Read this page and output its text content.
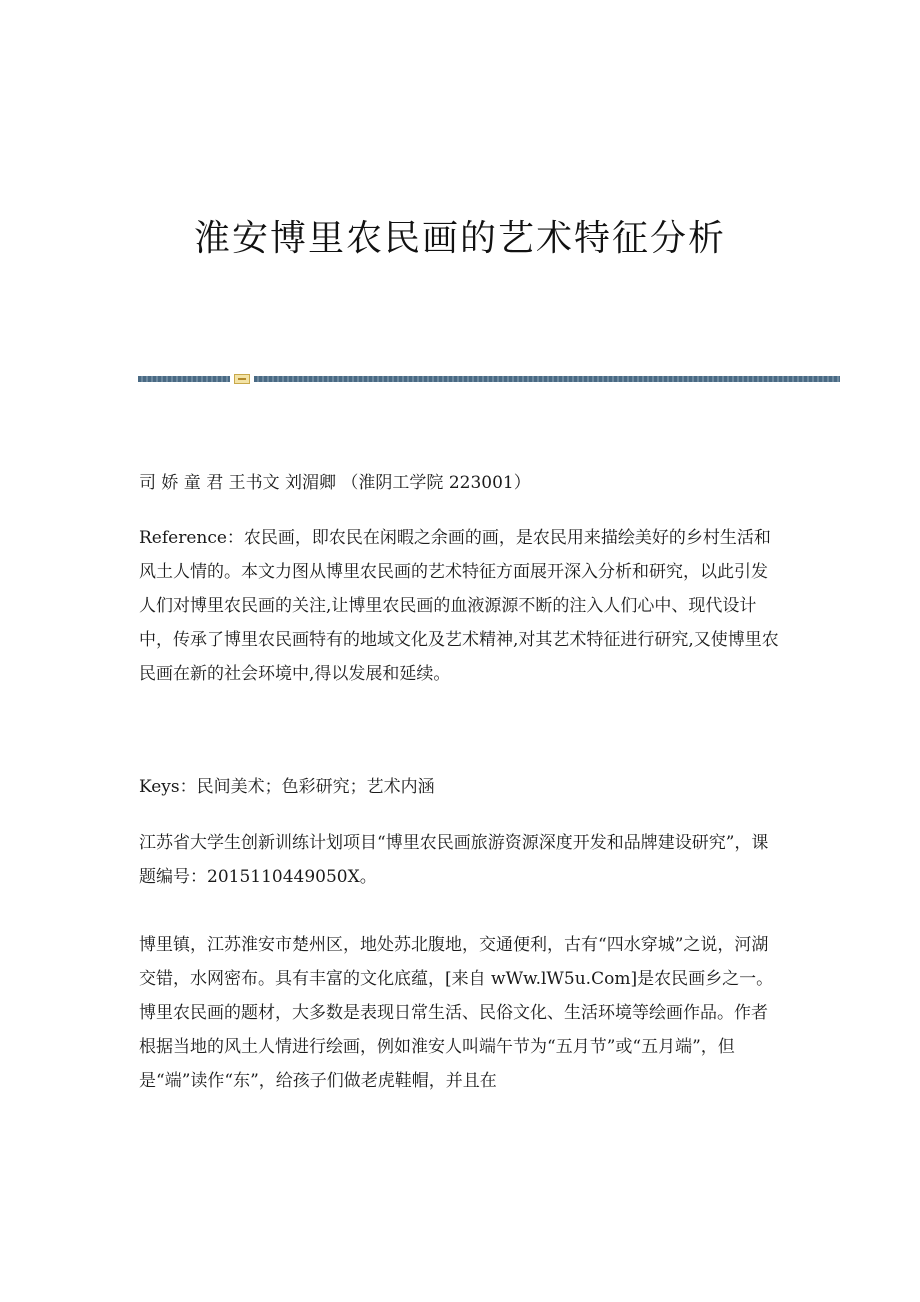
淮安博里农民画的艺术特征分析

司 娇 童 君 王书文 刘湄卿 （淮阴工学院 223001）

Reference：农民画，即农民在闲暇之余画的画，是农民用来描绘美好的乡村生活和风土人情的。本文力图从博里农民画的艺术特征方面展开深入分析和研究，以此引发人们对博里农民画的关注,让博里农民画的血液源源不断的注入人们心中、现代设计中，传承了博里农民画特有的地域文化及艺术精神,对其艺术特征进行研究,又使博里农民画在新的社会环境中,得以发展和延续。

Keys：民间美术；色彩研究；艺术内涵

江苏省大学生创新训练计划项目“博里农民画旅游资源深度开发和品牌建设研究”，课题编号：2015110449050X。

博里镇，江苏淮安市楚州区，地处苏北腹地，交通便利，古有“四水穿城”之说，河湖交错，水网密布。具有丰富的文化底蕴，[来自 wWw.lW5u.Com]是农民画乡之一。博里农民画的题材，大多数是表现日常生活、民俗文化、生活环境等绘画作品。作者根据当地的风土人情进行绘画，例如淮安人叫端午节为“五月节”或“五月端”，但是“端”读作“东”，给孩子们做老虎鞋帽，并且在
